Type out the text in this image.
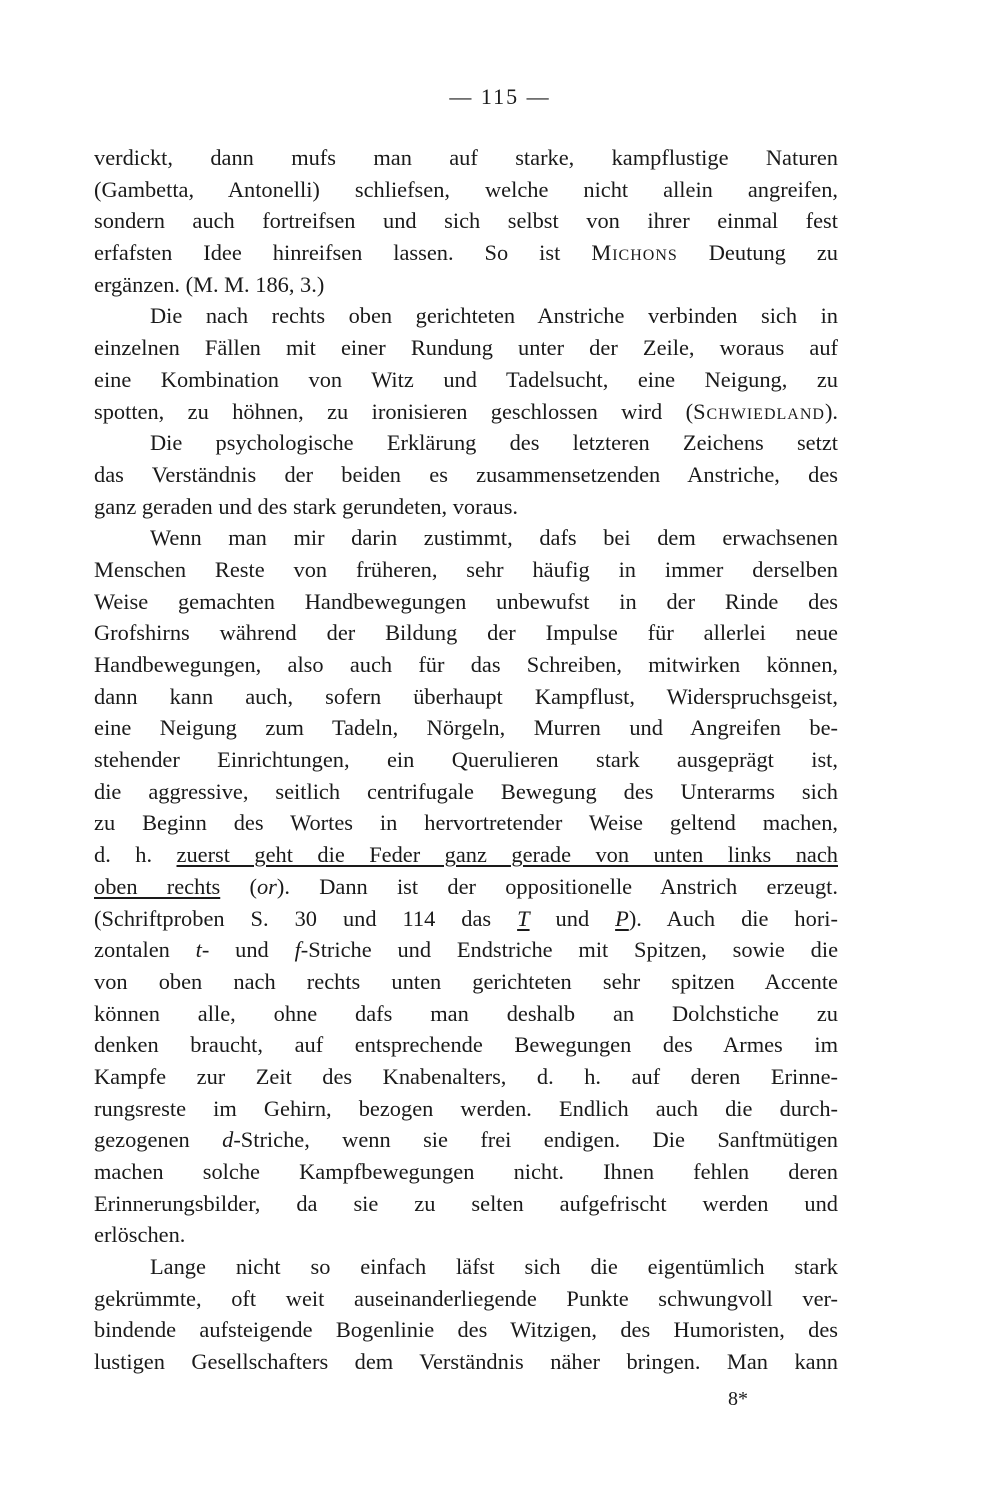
— 115 —
verdickt, dann mufs man auf starke, kampflustige Naturen
(Gambetta, Antonelli) schliefsen, welche nicht allein angreifen,
sondern auch fortreifsen und sich selbst von ihrer einmal fest
erfafsten Idee hinreifsen lassen. So ist Michons Deutung zu
ergänzen. (M. M. 186, 3.)
Die nach rechts oben gerichteten Anstriche verbinden sich in
einzelnen Fällen mit einer Rundung unter der Zeile, woraus auf
eine Kombination von Witz und Tadelsucht, eine Neigung, zu
spotten, zu höhnen, zu ironisieren geschlossen wird (Schwiedland).
Die psychologische Erklärung des letzteren Zeichens setzt
das Verständnis der beiden es zusammensetzenden Anstriche, des
ganz geraden und des stark gerundeten, voraus.
Wenn man mir darin zustimmt, dafs bei dem erwachsenen
Menschen Reste von früheren, sehr häufig in immer derselben
Weise gemachten Handbewegungen unbewufst in der Rinde des
Grofshirns während der Bildung der Impulse für allerlei neue
Handbewegungen, also auch für das Schreiben, mitwirken können,
dann kann auch, sofern überhaupt Kampflust, Widerspruchsgeist,
eine Neigung zum Tadeln, Nörgeln, Murren und Angreifen be-
stehender Einrichtungen, ein Querulieren stark ausgeprägt ist,
die aggressive, seitlich centrifugale Bewegung des Unterarms sich
zu Beginn des Wortes in hervortretender Weise geltend machen,
d. h. zuerst geht die Feder ganz gerade von unten links nach
oben rechts (or). Dann ist der oppositionelle Anstrich erzeugt.
(Schriftproben S. 30 und 114 das T und P). Auch die hori-
zontalen t- und f-Striche und Endstriche mit Spitzen, sowie die
von oben nach rechts unten gerichteten sehr spitzen Accente
können alle, ohne dafs man deshalb an Dolchstiche zu
denken braucht, auf entsprechende Bewegungen des Armes im
Kampfe zur Zeit des Knabenalters, d. h. auf deren Erinne-
rungsreste im Gehirn, bezogen werden. Endlich auch die durch-
gezogenen d-Striche, wenn sie frei endigen. Die Sanftmütigen
machen solche Kampfbewegungen nicht. Ihnen fehlen deren
Erinnerungsbilder, da sie zu selten aufgefrischt werden und
erlöschen.
Lange nicht so einfach läfst sich die eigentümlich stark
gekrümmte, oft weit auseinanderliegende Punkte schwungvoll ver-
bindende aufsteigende Bogenlinie des Witzigen, des Humoristen, des
lustigen Gesellschafters dem Verständnis näher bringen. Man kann
8*
